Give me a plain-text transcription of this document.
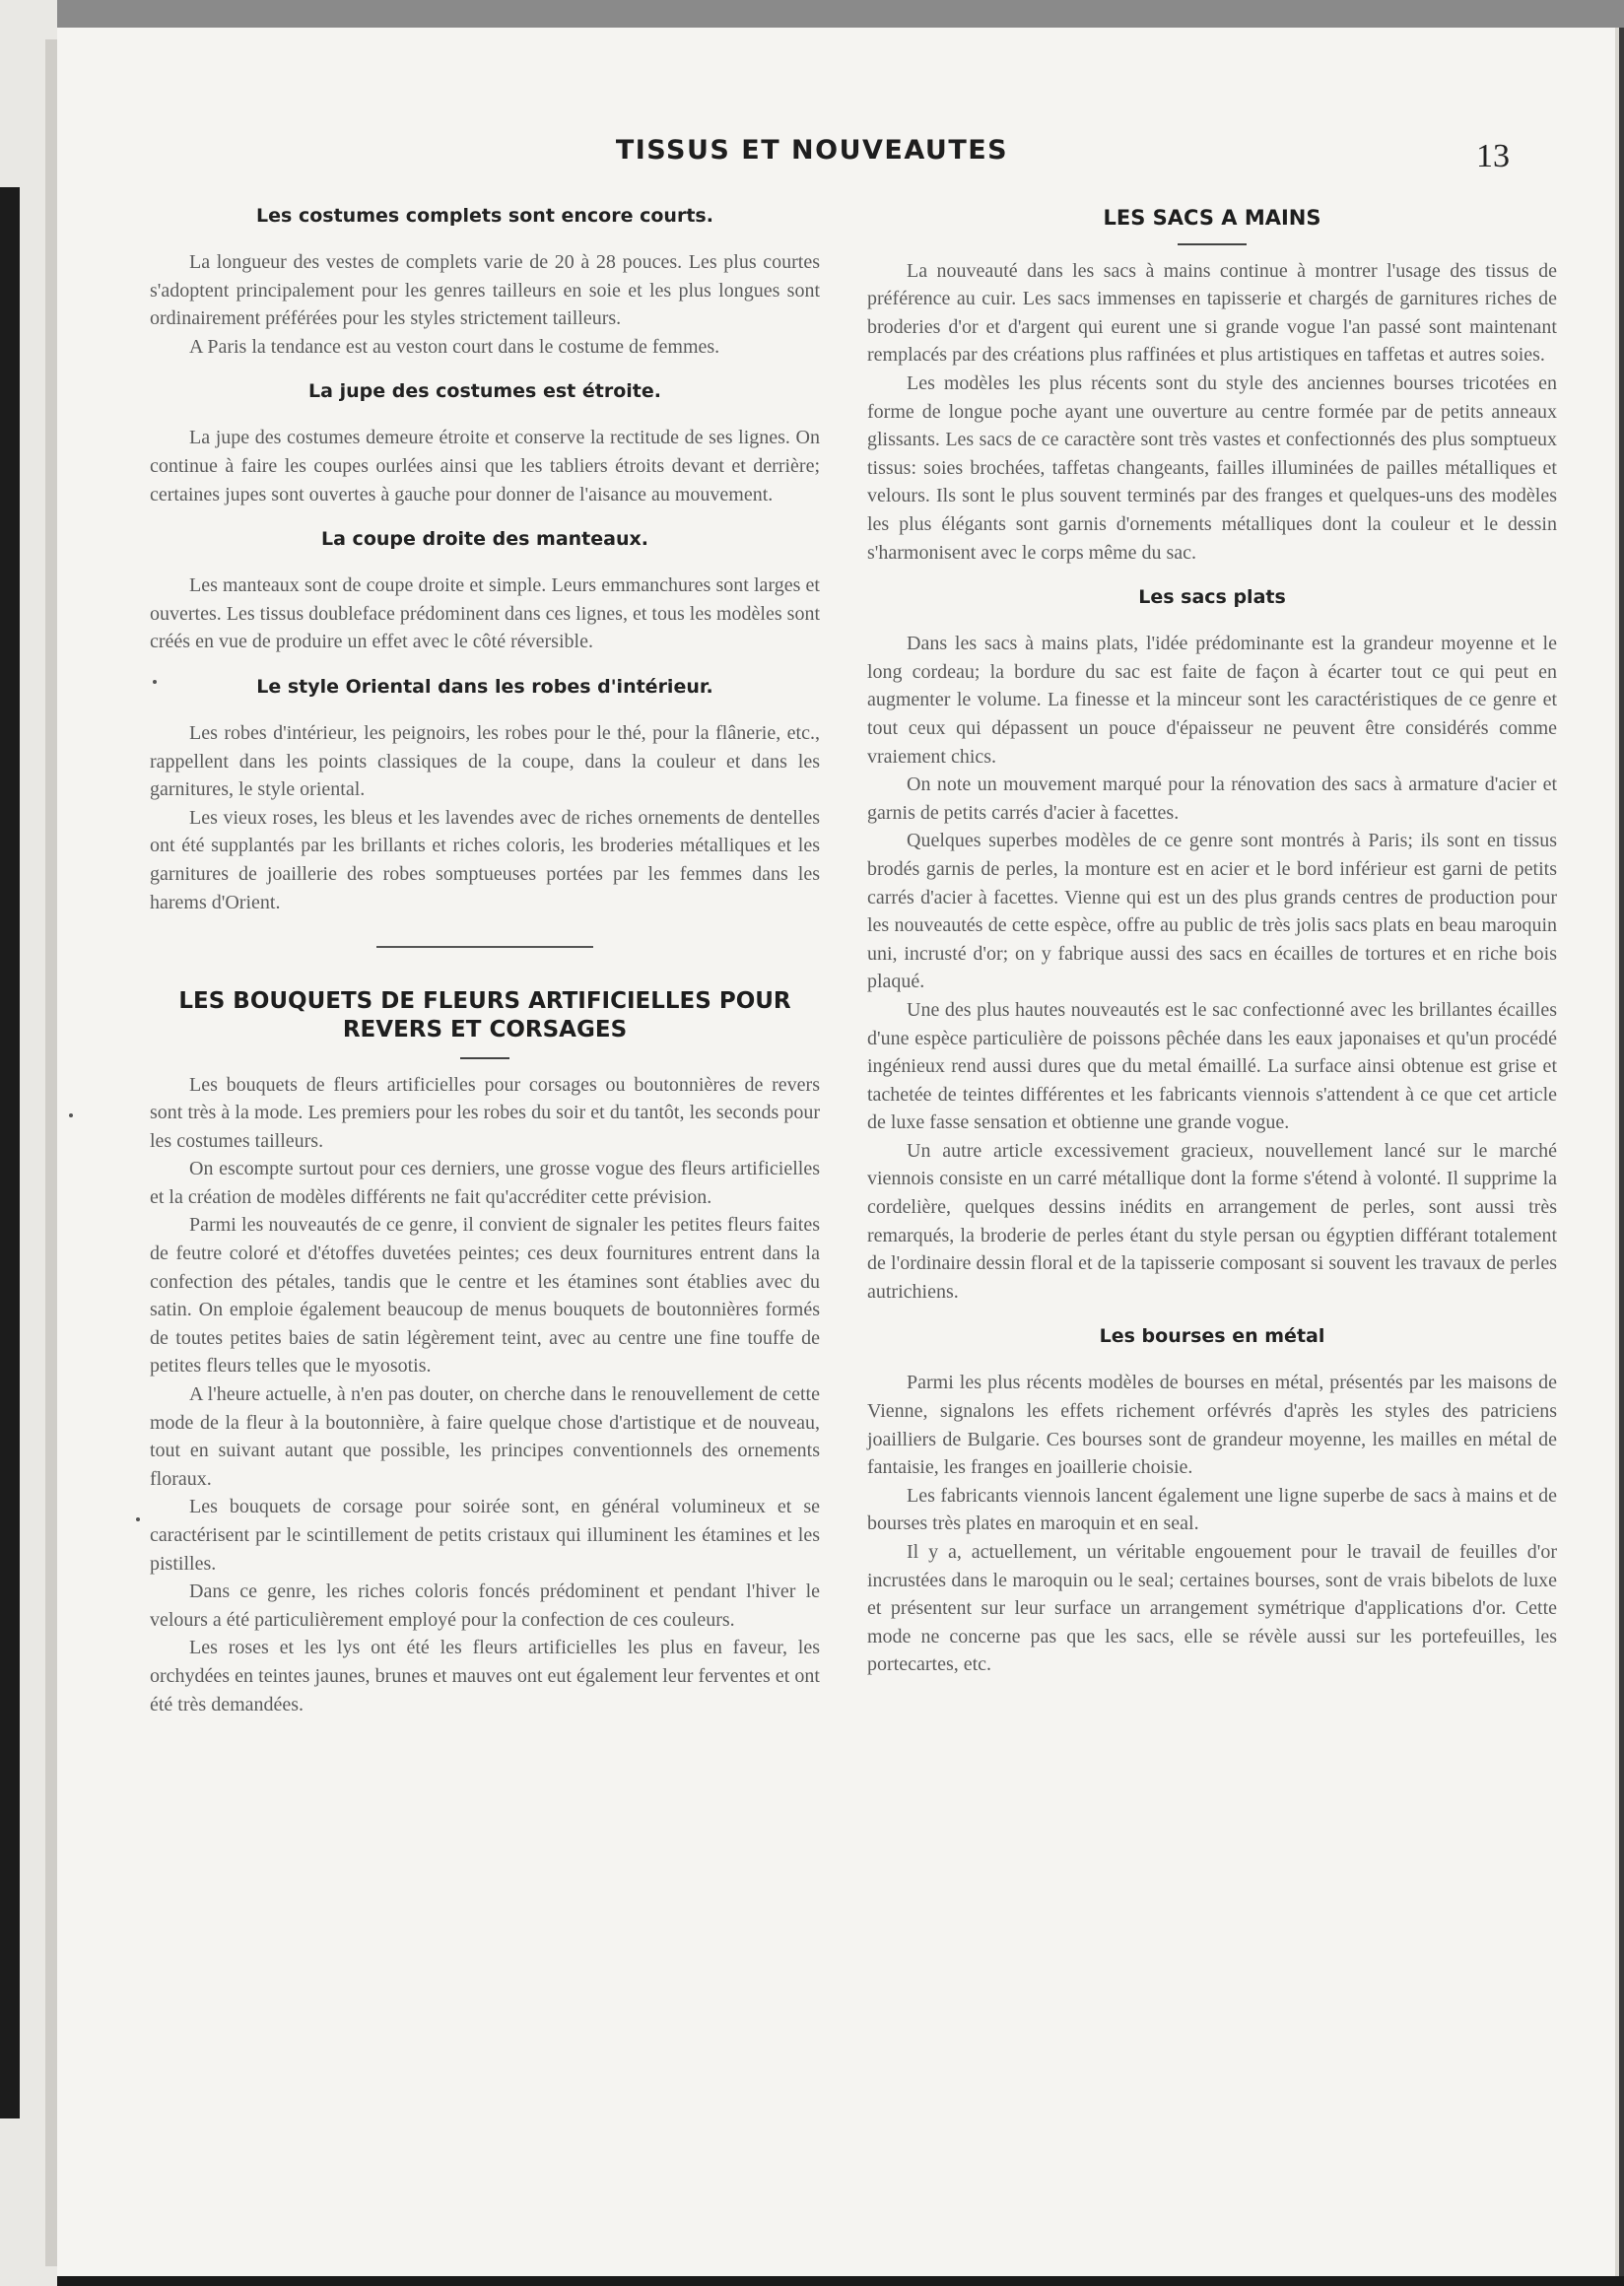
TISSUS ET NOUVEAUTES	13
Les costumes complets sont encore courts.

La longueur des vestes de complets varie de 20 à 28 pouces. Les plus courtes s'adoptent principalement pour les genres tailleurs en soie et les plus longues sont ordinairement préférées pour les styles strictement tailleurs.

A Paris la tendance est au veston court dans le costume de femmes.

La jupe des costumes est étroite.

La jupe des costumes demeure étroite et conserve la rectitude de ses lignes. On continue à faire les coupes ourlées ainsi que les tabliers étroits devant et derrière; certaines jupes sont ouvertes à gauche pour donner de l'aisance au mouvement.

La coupe droite des manteaux.

Les manteaux sont de coupe droite et simple. Leurs emmanchures sont larges et ouvertes. Les tissus doubleface prédominent dans ces lignes, et tous les modèles sont créés en vue de produire un effet avec le côté réversible.

Le style Oriental dans les robes d'intérieur.

Les robes d'intérieur, les peignoirs, les robes pour le thé, pour la flânerie, etc., rappellent dans les points classiques de la coupe, dans la couleur et dans les garnitures, le style oriental.

Les vieux roses, les bleus et les lavendes avec de riches ornements de dentelles ont été supplantés par les brillants et riches coloris, les broderies métalliques et les garnitures de joaillerie des robes somptueuses portées par les femmes dans les harems d'Orient.

LES BOUQUETS DE FLEURS ARTIFICIELLES POUR REVERS ET CORSAGES

Les bouquets de fleurs artificielles pour corsages ou boutonnières de revers sont très à la mode. Les premiers pour les robes du soir et du tantôt, les seconds pour les costumes tailleurs.

On escompte surtout pour ces derniers, une grosse vogue des fleurs artificielles et la création de modèles différents ne fait qu'accréditer cette prévision.

Parmi les nouveautés de ce genre, il convient de signaler les petites fleurs faites de feutre coloré et d'étoffes duvetées peintes; ces deux fournitures entrent dans la confection des pétales, tandis que le centre et les étamines sont établies avec du satin. On emploie également beaucoup de menus bouquets de boutonnières formés de toutes petites baies de satin légèrement teint, avec au centre une fine touffe de petites fleurs telles que le myosotis.

A l'heure actuelle, à n'en pas douter, on cherche dans le renouvellement de cette mode de la fleur à la boutonnière, à faire quelque chose d'artistique et de nouveau, tout en suivant autant que possible, les principes conventionnels des ornements floraux.

Les bouquets de corsage pour soirée sont, en général volumineux et se caractérisent par le scintillement de petits cristaux qui illuminent les étamines et les pistilles.

Dans ce genre, les riches coloris foncés prédominent et pendant l'hiver le velours a été particulièrement employé pour la confection de ces couleurs.

Les roses et les lys ont été les fleurs artificielles les plus en faveur, les orchydées en teintes jaunes, brunes et mauves ont eut également leur ferventes et ont été très demandées.

LES SACS A MAINS

La nouveauté dans les sacs à mains continue à montrer l'usage des tissus de préférence au cuir. Les sacs immenses en tapisserie et chargés de garnitures riches de broderies d'or et d'argent qui eurent une si grande vogue l'an passé sont maintenant remplacés par des créations plus raffinées et plus artistiques en taffetas et autres soies.

Les modèles les plus récents sont du style des anciennes bourses tricotées en forme de longue poche ayant une ouverture au centre formée par de petits anneaux glissants. Les sacs de ce caractère sont très vastes et confectionnés des plus somptueux tissus: soies brochées, taffetas changeants, failles illuminées de pailles métalliques et velours. Ils sont le plus souvent terminés par des franges et quelques-uns des modèles les plus élégants sont garnis d'ornements métalliques dont la couleur et le dessin s'harmonisent avec le corps même du sac.

Les sacs plats

Dans les sacs à mains plats, l'idée prédominante est la grandeur moyenne et le long cordeau; la bordure du sac est faite de façon à écarter tout ce qui peut en augmenter le volume. La finesse et la minceur sont les caractéristiques de ce genre et tout ceux qui dépassent un pouce d'épaisseur ne peuvent être considérés comme vraiement chics.

On note un mouvement marqué pour la rénovation des sacs à armature d'acier et garnis de petits carrés d'acier à facettes.

Quelques superbes modèles de ce genre sont montrés à Paris; ils sont en tissus brodés garnis de perles, la monture est en acier et le bord inférieur est garni de petits carrés d'acier à facettes. Vienne qui est un des plus grands centres de production pour les nouveautés de cette espèce, offre au public de très jolis sacs plats en beau maroquin uni, incrusté d'or; on y fabrique aussi des sacs en écailles de tortures et en riche bois plaqué.

Une des plus hautes nouveautés est le sac confectionné avec les brillantes écailles d'une espèce particulière de poissons pêchée dans les eaux japonaises et qu'un procédé ingénieux rend aussi dures que du metal émaillé. La surface ainsi obtenue est grise et tachetée de teintes différentes et les fabricants viennois s'attendent à ce que cet article de luxe fasse sensation et obtienne une grande vogue.

Un autre article excessivement gracieux, nouvellement lancé sur le marché viennois consiste en un carré métallique dont la forme s'étend à volonté. Il supprime la cordelière, quelques dessins inédits en arrangement de perles, sont aussi très remarqués, la broderie de perles étant du style persan ou égyptien différant totalement de l'ordinaire dessin floral et de la tapisserie composant si souvent les travaux de perles autrichiens.

Les bourses en métal

Parmi les plus récents modèles de bourses en métal, présentés par les maisons de Vienne, signalons les effets richement orfévrés d'après les styles des patriciens joailliers de Bulgarie. Ces bourses sont de grandeur moyenne, les mailles en métal de fantaisie, les franges en joaillerie choisie.

Les fabricants viennois lancent également une ligne superbe de sacs à mains et de bourses très plates en maroquin et en seal.

Il y a, actuellement, un véritable engouement pour le travail de feuilles d'or incrustées dans le maroquin ou le seal; certaines bourses, sont de vrais bibelots de luxe et présentent sur leur surface un arrangement symétrique d'applications d'or. Cette mode ne concerne pas que les sacs, elle se révèle aussi sur les portefeuilles, les portecartes, etc.
